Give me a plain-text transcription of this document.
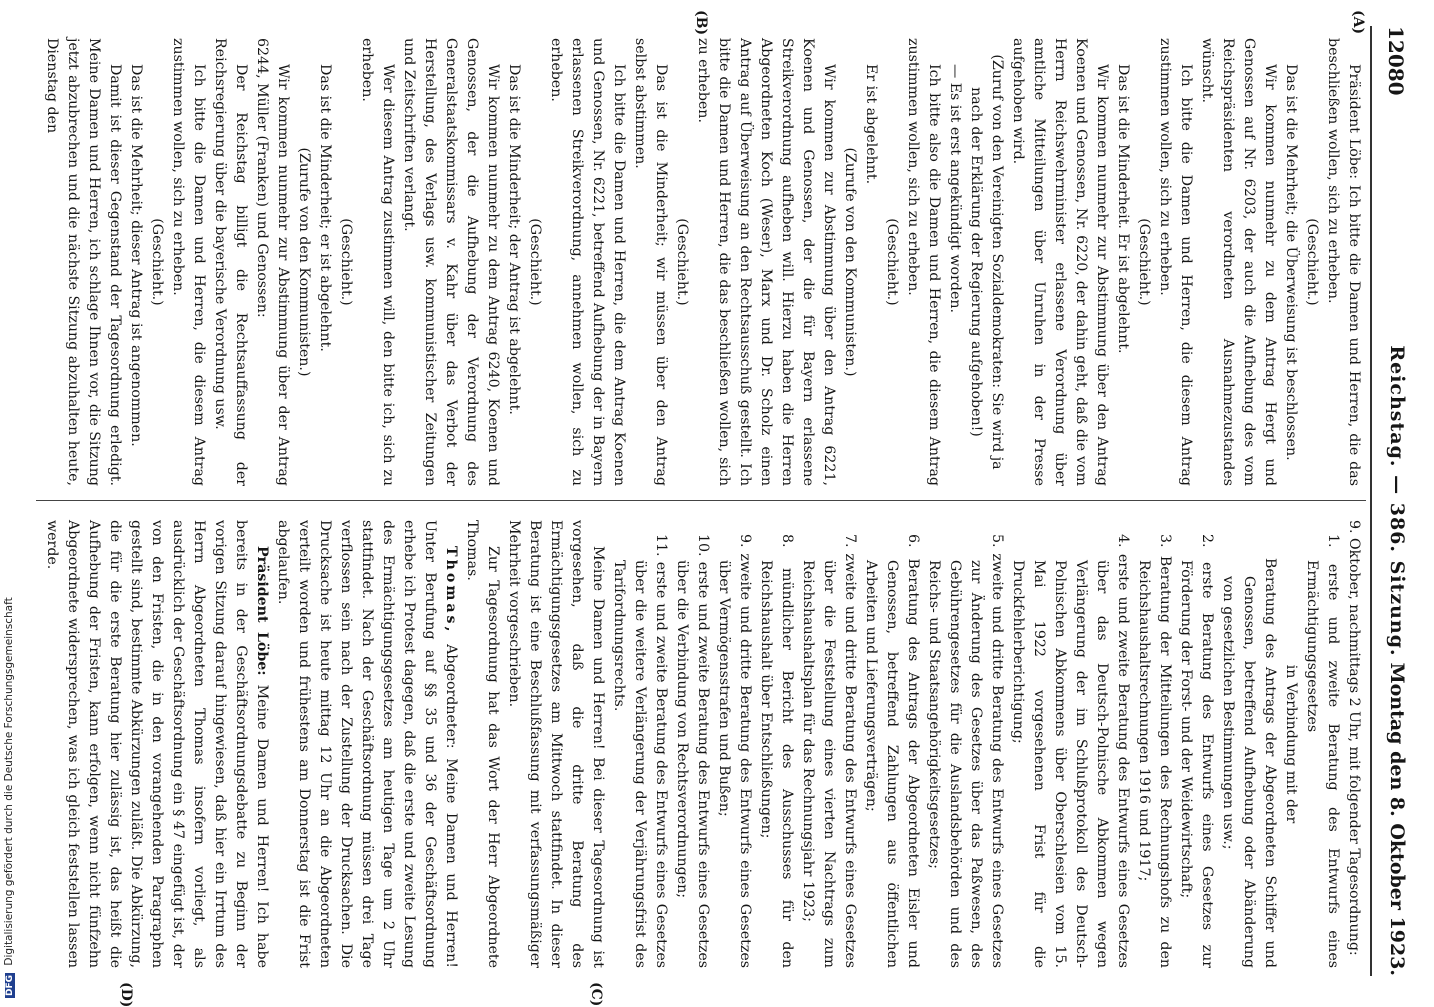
12080
Reichstag. — 386. Sitzung.
Montag den 8. Oktober 1923.
(A)
(B)
(C)
(D)

Präsident Löbe: Ich bitte die Damen und Herren, die das beschließen wollen, sich zu erheben.

(Geschieht.)

Das ist die Mehrheit; die Überweisung ist beschlossen.

Wir kommen nunmehr zu dem Antrag Hergt und Genossen auf Nr. 6203, der auch die Aufhebung des vom Reichspräsidenten verordneten Ausnahmezustandes wünscht.

Ich bitte die Damen und Herren, die diesem Antrag zustimmen wollen, sich zu erheben.

(Geschieht.)

Das ist die Minderheit. Er ist abgelehnt.

Wir kommen nunmehr zur Abstimmung über den Antrag Koenen und Genossen, Nr. 6220, der dahin geht, daß die vom Herrn Reichswehrminister erlassene Verordnung über amtliche Mitteilungen über Unruhen in der Presse aufgehoben wird.

(Zuruf von den Vereinigten Sozialdemokraten: Sie wird ja nach der Erklärung der Regierung aufgehoben!)

— Es ist erst angekündigt worden.

Ich bitte also die Damen und Herren, die diesem Antrag zustimmen wollen, sich zu erheben.

(Geschieht.)

Er ist abgelehnt.

(Zurufe von den Kommunisten.)

Wir kommen zur Abstimmung über den Antrag 6221, Koenen und Genossen, der die für Bayern erlassene Streikverordnung aufheben will. Hierzu haben die Herren Abgeordneten Koch (Weser), Marx und Dr. Scholz einen Antrag auf Überweisung an den Rechtsausschuß gestellt. Ich bitte die Damen und Herren, die das beschließen wollen, sich zu erheben.

(Geschieht.)

Das ist die Minderheit; wir müssen über den Antrag selbst abstimmen.

Ich bitte die Damen und Herren, die dem Antrag Koenen und Genossen, Nr. 6221, betreffend Aufhebung der in Bayern erlassenen Streikverordnung, annehmen wollen, sich zu erheben.

(Geschieht.)

Das ist die Minderheit; der Antrag ist abgelehnt.

Wir kommen nunmehr zu dem Antrag 6240, Koenen und Genossen, der die Aufhebung der Verordnung des Generalstaatskommissars v. Kahr über das Verbot der Herstellung, des Verlags usw. kommunistischer Zeitungen und Zeitschriften verlangt.

Wer diesem Antrag zustimmen will, den bitte ich, sich zu erheben.

(Geschieht.)

Das ist die Minderheit; er ist abgelehnt.

(Zurufe von den Kommunisten.)

Wir kommen nunmehr zur Abstimmung über der Antrag 6244, Müller (Franken) und Genossen:

Der Reichstag billigt die Rechtsauffassung der Reichsregierung über die bayerische Verordnung usw.

Ich bitte die Damen und Herren, die diesem Antrag zustimmen wollen, sich zu erheben.

(Geschieht.)

Das ist die Mehrheit; dieser Antrag ist angenommen.

Damit ist dieser Gegenstand der Tagesordnung erledigt. Meine Damen und Herren, ich schlage Ihnen vor, die Sitzung jetzt abzubrechen und die nächste Sitzung abzuhalten heute, Dienstag den

9. Oktober, nachmittags 2 Uhr, mit folgender Tagesordnung:

1. erste und zweite Beratung des Entwurfs eines Ermächtigungsgesetzes

in Verbindung mit der

Beratung des Antrags der Abgeordneten Schiffer und Genossen, betreffend Aufhebung oder Abänderung von gesetzlichen Bestimmungen usw.;

2. erste Beratung des Entwurfs eines Gesetzes zur Förderung der Forst- und der Weidewirtschaft;

3. Beratung der Mitteilungen des Rechnungshofs zu den Reichshaushaltsrechnungen 1916 und 1917;

4. erste und zweite Beratung des Entwurfs eines Gesetzes über das Deutsch-Polnische Abkommen wegen Verlängerung der im Schlußprotokoll des Deutsch-Polnischen Abkommens über Oberschlesien vom 15. Mai 1922 vorgesehenen Frist für die Druckfehlerberichtigung;

5. zweite und dritte Beratung des Entwurfs eines Gesetzes zur Änderung des Gesetzes über das Paßwesen, des Gebührengesetzes für die Auslandsbehörden und des Reichs- und Staatsangehörigkeitsgesetzes;

6. Beratung des Antrags der Abgeordneten Eisler und Genossen, betreffend Zahlungen aus öffentlichen Arbeiten und Lieferungsverträgen;

7. zweite und dritte Beratung des Entwurfs eines Gesetzes über die Feststellung eines vierten Nachtrags zum Reichshaushaltsplan für das Rechnungsjahr 1923;

8. mündlicher Bericht des Ausschusses für den Reichshaushalt über Entschließungen;

9. zweite und dritte Beratung des Entwurfs eines Gesetzes über Vermögensstrafen und Bußen;

10. erste und zweite Beratung des Entwurfs eines Gesetzes über die Verbindung von Rechtsverordnungen;

11. erste und zweite Beratung des Entwurfs eines Gesetzes über die weitere Verlängerung der Verjährungsfrist des Tarifordnungsrechts.

Meine Damen und Herren! Bei dieser Tagesordnung ist vorgesehen, daß die dritte Beratung des Ermächtigungsgesetzes am Mittwoch stattfindet. In dieser Beratung ist eine Beschlußfassung mit verfassungsmäßiger Mehrheit vorgeschrieben.

Zur Tagesordnung hat das Wort der Herr Abgeordnete Thomas.

Thomas, Abgeordneter: Meine Damen und Herren! Unter Berufung auf §§ 35 und 36 der Geschäftsordnung erhebe ich Protest dagegen, daß die erste und zweite Lesung des Ermächtigungsgesetzes am heutigen Tage um 2 Uhr stattfindet. Nach der Geschäftsordnung müssen drei Tage verflossen sein nach der Zustellung der Drucksachen. Die Drucksache ist heute mittag 12 Uhr an die Abgeordneten verteilt worden und frühestens am Donnerstag ist die Frist abgelaufen.

Präsident Löbe: Meine Damen und Herren! Ich habe bereits in der Geschäftsordnungsdebatte zu Beginn der vorigen Sitzung darauf hingewiesen, daß hier ein Irrtum des Herrn Abgeordneten Thomas insofern vorliegt, als ausdrücklich der Geschäftsordnung ein § 47 eingefügt ist, der von den Fristen, die in den vorangehenden Paragraphen gestellt sind, bestimmte Abkürzungen zuläßt. Die Abkürzung, die für die erste Beratung hier zulässig ist, das heißt die Aufhebung der Fristen, kann erfolgen, wenn nicht fünfzehn Abgeordnete widersprechen, was ich gleich feststellen lassen werde.

DFG Digitalisierung gefördert durch die Deutsche Forschungsgemeinschaft
